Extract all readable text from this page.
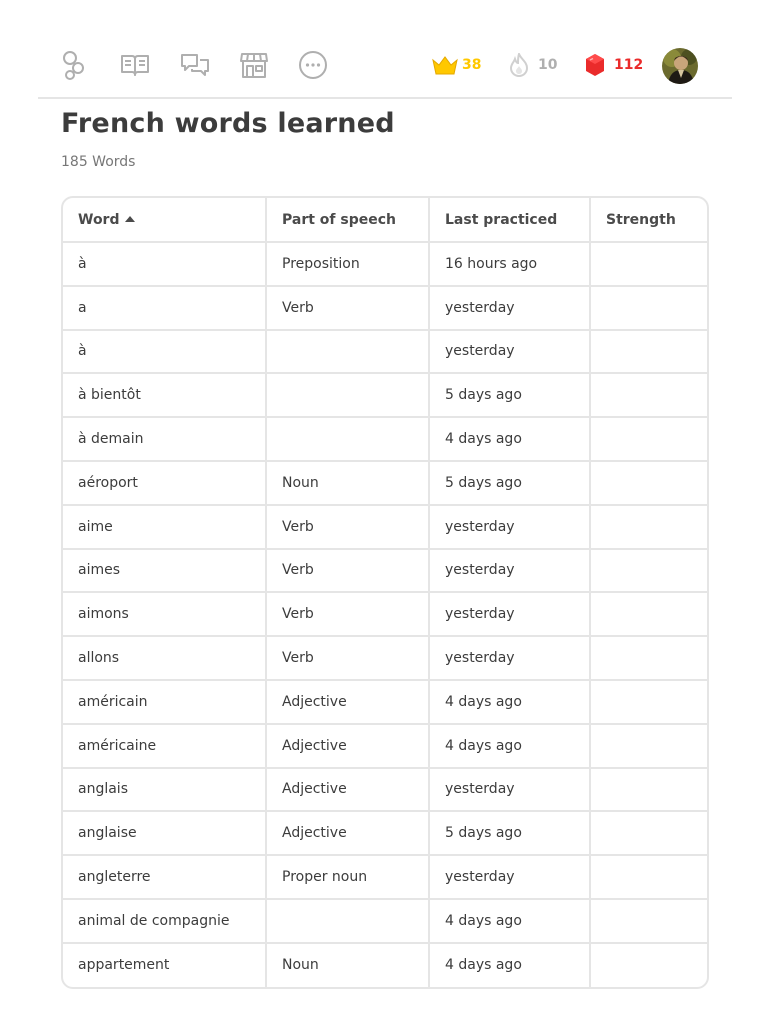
38	10	112
French words learned
185 Words
Word	Part of speech	Last practiced	Strength
à	Preposition	16 hours ago	
a	Verb	yesterday	
à		yesterday	
à bientôt		5 days ago	
à demain		4 days ago	
aéroport	Noun	5 days ago	
aime	Verb	yesterday	
aimes	Verb	yesterday	
aimons	Verb	yesterday	
allons	Verb	yesterday	
américain	Adjective	4 days ago	
américaine	Adjective	4 days ago	
anglais	Adjective	yesterday	
anglaise	Adjective	5 days ago	
angleterre	Proper noun	yesterday	
animal de compagnie		4 days ago	
appartement	Noun	4 days ago	
